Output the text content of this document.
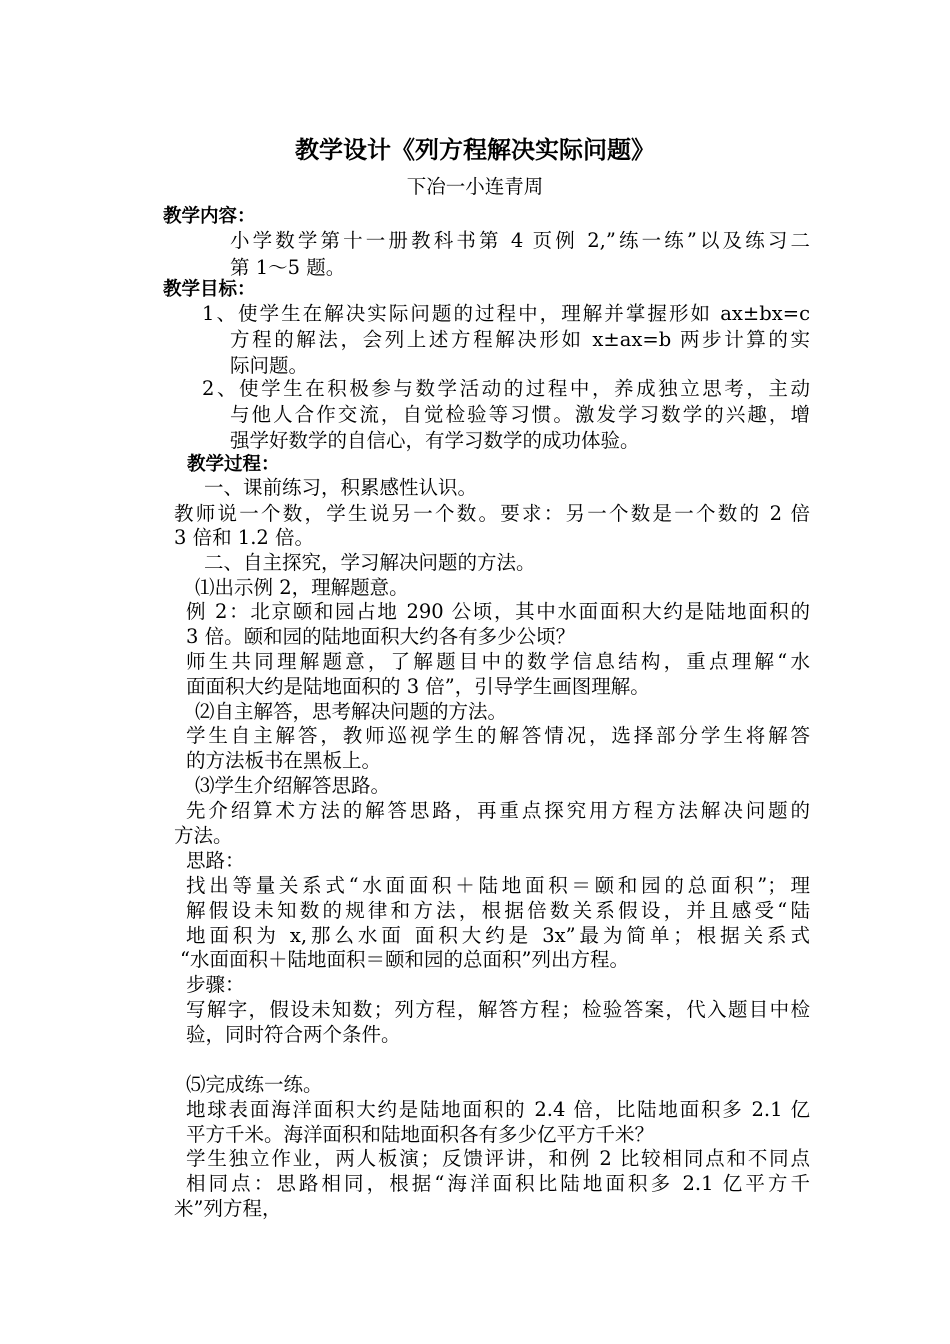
教学设计《列方程解决实际问题》
下冶一小连青周
教学内容：
小学数学第十一册教科书第 4 页例 2,”练一练”以及练习二
第 1～5 题。
教学目标：
1、使学生在解决实际问题的过程中，理解并掌握形如 ax±bx=c
方程的解法，会列上述方程解决形如 x±ax=b 两步计算的实
际问题。
2、使学生在积极参与数学活动的过程中，养成独立思考，主动
与他人合作交流，自觉检验等习惯。激发学习数学的兴趣，增
强学好数学的自信心，有学习数学的成功体验。
教学过程：
一、课前练习，积累感性认识。
教师说一个数，学生说另一个数。要求：另一个数是一个数的 2 倍
3 倍和 1.2 倍。
二、自主探究，学习解决问题的方法。
⑴出示例 2，理解题意。
例 2：北京颐和园占地 290 公顷，其中水面面积大约是陆地面积的
3 倍。颐和园的陆地面积大约各有多少公顷？
师生共同理解题意，了解题目中的数学信息结构，重点理解“水
面面积大约是陆地面积的 3 倍”，引导学生画图理解。
⑵自主解答，思考解决问题的方法。
学生自主解答，教师巡视学生的解答情况，选择部分学生将解答
的方法板书在黑板上。
⑶学生介绍解答思路。
先介绍算术方法的解答思路，再重点探究用方程方法解决问题的
方法。
思路：
找出等量关系式“水面面积＋陆地面积＝颐和园的总面积”；理
解假设未知数的规律和方法，根据倍数关系假设，并且感受“陆
地面积为 x,那么水面 面积大约是 3x”最为简单；根据关系式
“水面面积＋陆地面积＝颐和园的总面积”列出方程。
步骤：
写解字，假设未知数；列方程，解答方程；检验答案，代入题目中检
验，同时符合两个条件。
⑸完成练一练。
地球表面海洋面积大约是陆地面积的 2.4 倍，比陆地面积多 2.1 亿
平方千米。海洋面积和陆地面积各有多少亿平方千米？
学生独立作业，两人板演；反馈评讲，和例 2 比较相同点和不同点
相同点：思路相同，根据“海洋面积比陆地面积多 2.1 亿平方千
米”列方程，
